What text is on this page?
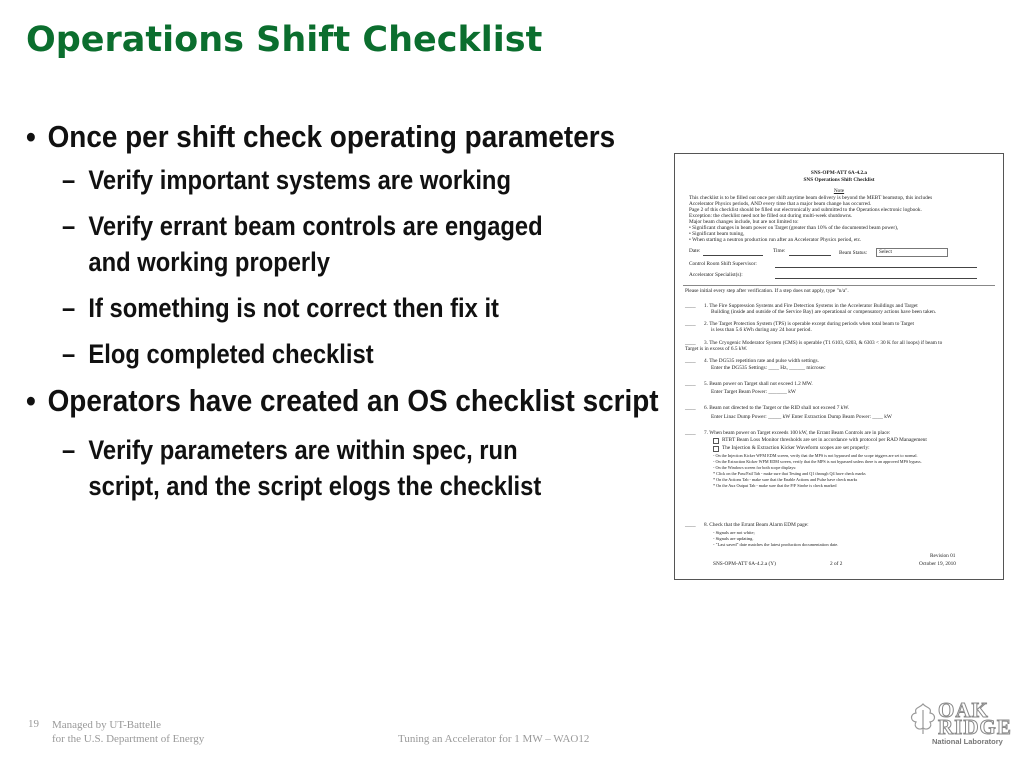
Operations Shift Checklist
• Once per shift check operating parameters
– Verify important systems are working
– Verify errant beam controls are engaged and working properly
– If something is not correct then fix it
– Elog completed checklist
• Operators have created an OS checklist script
– Verify parameters are within spec, run script, and the script elogs the checklist
SNS-OPM-ATT 6A-4.2.a
SNS Operations Shift Checklist
Note
This checklist is to be filled out once per shift anytime beam delivery is beyond the MEBT beamstop, this includes
Accelerator Physics periods, AND every time that a major beam change has occurred.
Page 2 of this checklist should be filled out electronically and submitted to the Operations electronic logbook.
Exception: the checklist need not be filled out during multi-week shutdowns.
Major beam changes include, but are not limited to:
• Significant changes in beam power on Target (greater than 10% of the documented beam power),
• Significant beam tuning,
• When starting a neutron production run after an Accelerator Physics period, etc.
Date:	Time:	Beam Status: Select
Control Room Shift Supervisor:
Accelerator Specialist(s):
Please initial every step after verification. If a step does not apply, type "n/a".
____ 1. The Fire Suppression Systems and Fire Detection Systems in the Accelerator Buildings and Target
Building (inside and outside of the Service Bay) are operational or compensatory actions have been taken.
____ 2. The Target Protection System (TPS) is operable except during periods when total beam to Target
is less than 5.6 kWh during any 24 hour period.
____ 3. The Cryogenic Moderator System (CMS) is operable (T1 6103, 6203, & 6303 < 30 K for all loops) if beam to
Target is in excess of 6.5 kW.
____ 4. The DG535 repetition rate and pulse width settings.
Enter the DG535 Settings: ____ Hz, ______ microsec
____ 5. Beam power on Target shall not exceed 1.2 MW.
Enter Target Beam Power: _______ kW
____ 6. Beam not directed to the Target or the RID shall not exceed 7 kW.
Enter Linac Dump Power: _____ kW Enter Extraction Dump Beam Power: ____ kW
____ 7. When beam power on Target exceeds 100 kW, the Errant Beam Controls are in place:
RTBT Beam Loss Monitor thresholds are set in accordance with protocol per RAD Management
The Injection & Extraction Kicker Waveform scopes are set properly:
- On the Injection Kicker WFM EDM screen, verify that the MPS is not bypassed and the scope triggers are set to normal.
- On the Extraction Kicker WFM EDM screen, verify that the MPS is not bypassed unless there is an approved MPS bypass.
- On the Windows screen for both scope displays:
* Click on the Pass/Fail Tab - make sure that Testing and Q1 through Q4 have check marks
* On the Actions Tab - make sure that the Enable Actions and Pulse have check marks
* On the Aux Output Tab - make sure that the P/F Strobe is check marked
____ 8. Check that the Errant Beam Alarm EDM page:
- Signals are not white;
- Signals are updating.
- "Last saved" date matches the latest production documentation date.
Revision 01
SNS-OPM-ATT 6A-4.2.a (Y)	2 of 2	October 19, 2010
19 Managed by UT-Battelle
for the U.S. Department of Energy	Tuning an Accelerator for 1 MW – WAO12
OAK
RIDGE
National Laboratory
